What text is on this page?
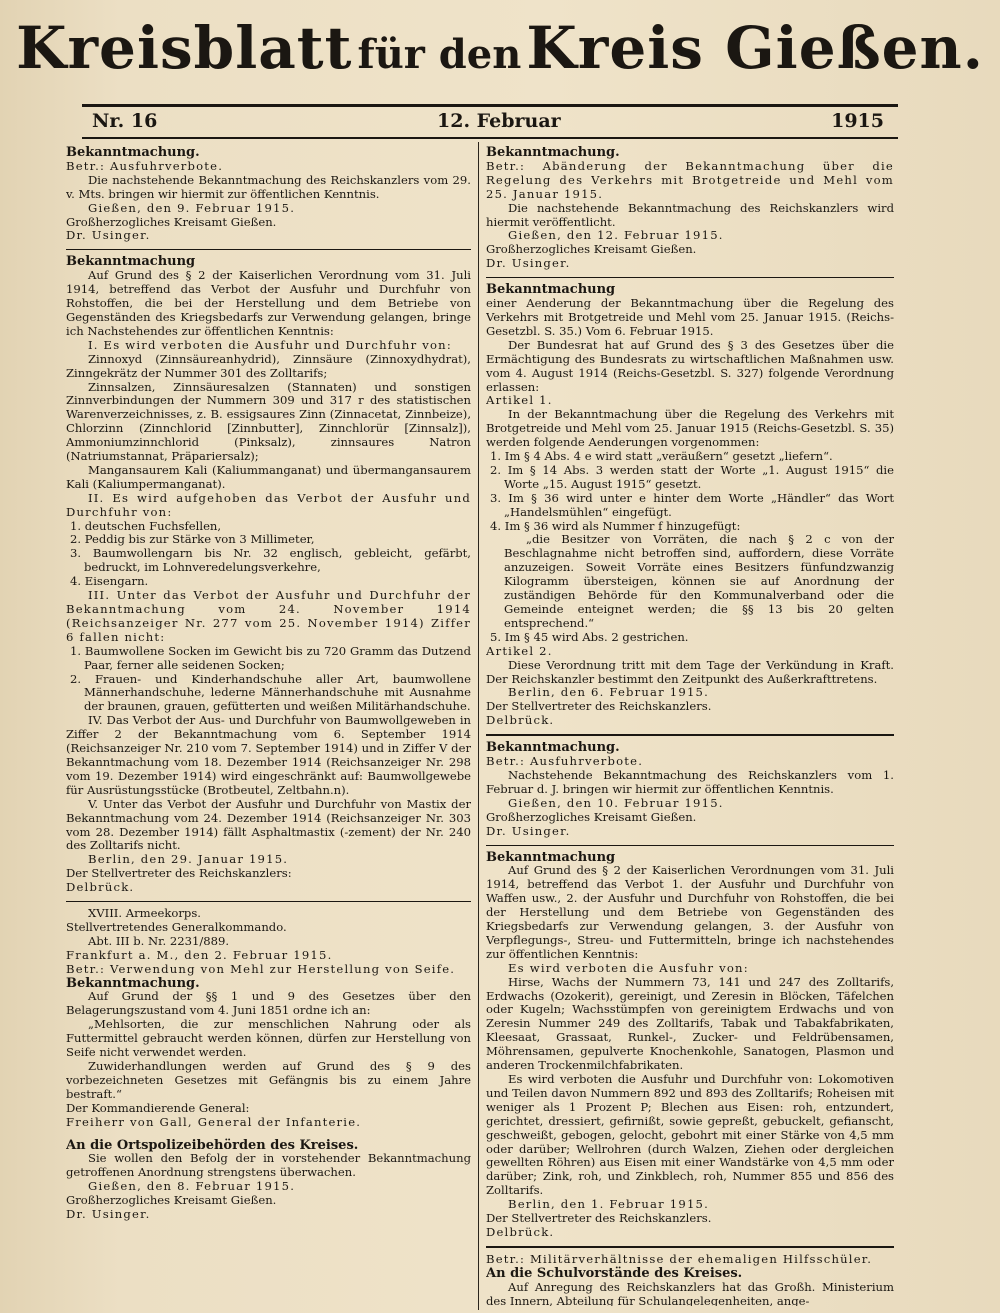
Kreisblatt für den Kreis Gießen.
Nr. 16	12. Februar	1915

Bekanntmachung.

Betr.: Ausfuhrverbote.

Die nachstehende Bekanntmachung des Reichskanzlers vom 29. v. Mts. bringen wir hiermit zur öffentlichen Kenntnis.

Gießen, den 9. Februar 1915.

Großherzogliches Kreisamt Gießen.

Dr. Usinger.

Bekanntmachung

Auf Grund des § 2 der Kaiserlichen Verordnung vom 31. Juli 1914, betreffend das Verbot der Ausfuhr und Durchfuhr von Rohstoffen, die bei der Herstellung und dem Betriebe von Gegenständen des Kriegsbedarfs zur Verwendung gelangen, bringe ich Nachstehendes zur öffentlichen Kenntnis:

I. Es wird verboten die Ausfuhr und Durchfuhr von:

Zinnoxyd (Zinnsäureanhydrid), Zinnsäure (Zinnoxydhydrat), Zinngekrätz der Nummer 301 des Zolltarifs;

Zinnsalzen, Zinnsäuresalzen (Stannaten) und sonstigen Zinnverbindungen der Nummern 309 und 317 r des statistischen Warenverzeichnisses, z. B. essigsaures Zinn (Zinnacetat, Zinnbeize), Chlorzinn (Zinnchlorid [Zinnbutter], Zinnchlorür [Zinnsalz]), Ammoniumzinnchlorid (Pinksalz), zinnsaures Natron (Natriumstannat, Präpariersalz);

Mangansaurem Kali (Kaliummanganat) und übermangansaurem Kali (Kaliumpermanganat).

II. Es wird aufgehoben das Verbot der Ausfuhr und Durchfuhr von:

1. deutschen Fuchsfellen,

2. Peddig bis zur Stärke von 3 Millimeter,

3. Baumwollengarn bis Nr. 32 englisch, gebleicht, gefärbt, bedruckt, im Lohnveredelungsverkehre,

4. Eisengarn.

III. Unter das Verbot der Ausfuhr und Durchfuhr der Bekanntmachung vom 24. November 1914 (Reichsanzeiger Nr. 277 vom 25. November 1914) Ziffer 6 fallen nicht:

1. Baumwollene Socken im Gewicht bis zu 720 Gramm das Dutzend Paar, ferner alle seidenen Socken;

2. Frauen- und Kinderhandschuhe aller Art, baumwollene Männerhandschuhe, lederne Männerhandschuhe mit Ausnahme der braunen, grauen, gefütterten und weißen Militärhandschuhe.

IV. Das Verbot der Aus- und Durchfuhr von Baumwollgeweben in Ziffer 2 der Bekanntmachung vom 6. September 1914 (Reichsanzeiger Nr. 210 vom 7. September 1914) und in Ziffer V der Bekanntmachung vom 18. Dezember 1914 (Reichsanzeiger Nr. 298 vom 19. Dezember 1914) wird eingeschränkt auf: Baumwollgewebe für Ausrüstungsstücke (Brotbeutel, Zeltbahn.n).

V. Unter das Verbot der Ausfuhr und Durchfuhr von Mastix der Bekanntmachung vom 24. Dezember 1914 (Reichsanzeiger Nr. 303 vom 28. Dezember 1914) fällt Asphaltmastix (-zement) der Nr. 240 des Zolltarifs nicht.

Berlin, den 29. Januar 1915.

Der Stellvertreter des Reichskanzlers:

Delbrück.

XVIII. Armeekorps.

Stellvertretendes Generalkommando.

Abt. III b. Nr. 2231/889.

Frankfurt a. M., den 2. Februar 1915.

Betr.: Verwendung von Mehl zur Herstellung von Seife.

Bekanntmachung.

Auf Grund der §§ 1 und 9 des Gesetzes über den Belagerungszustand vom 4. Juni 1851 ordne ich an:

„Mehlsorten, die zur menschlichen Nahrung oder als Futtermittel gebraucht werden können, dürfen zur Herstellung von Seife nicht verwendet werden.

Zuwiderhandlungen werden auf Grund des § 9 des vorbezeichneten Gesetzes mit Gefängnis bis zu einem Jahre bestraft.“

Der Kommandierende General:

Freiherr von Gall, General der Infanterie.

An die Ortspolizeibehörden des Kreises.

Sie wollen den Befolg der in vorstehender Bekanntmachung getroffenen Anordnung strengstens überwachen.

Gießen, den 8. Februar 1915.

Großherzogliches Kreisamt Gießen.

Dr. Usinger.

Bekanntmachung.

Betr.: Abänderung der Bekanntmachung über die Regelung des Verkehrs mit Brotgetreide und Mehl vom 25. Januar 1915.

Die nachstehende Bekanntmachung des Reichskanzlers wird hiermit veröffentlicht.

Gießen, den 12. Februar 1915.

Großherzogliches Kreisamt Gießen.

Dr. Usinger.

Bekanntmachung

einer Aenderung der Bekanntmachung über die Regelung des Verkehrs mit Brotgetreide und Mehl vom 25. Januar 1915. (Reichs-Gesetzbl. S. 35.) Vom 6. Februar 1915.

Der Bundesrat hat auf Grund des § 3 des Gesetzes über die Ermächtigung des Bundesrats zu wirtschaftlichen Maßnahmen usw. vom 4. August 1914 (Reichs-Gesetzbl. S. 327) folgende Verordnung erlassen:

Artikel 1.

In der Bekanntmachung über die Regelung des Verkehrs mit Brotgetreide und Mehl vom 25. Januar 1915 (Reichs-Gesetzbl. S. 35) werden folgende Aenderungen vorgenommen:

1. Im § 4 Abs. 4 e wird statt „veräußern“ gesetzt „liefern“.

2. Im § 14 Abs. 3 werden statt der Worte „1. August 1915“ die Worte „15. August 1915“ gesetzt.

3. Im § 36 wird unter e hinter dem Worte „Händler“ das Wort „Handelsmühlen“ eingefügt.

4. Im § 36 wird als Nummer f hinzugefügt:

„die Besitzer von Vorräten, die nach § 2 c von der Beschlagnahme nicht betroffen sind, auffordern, diese Vorräte anzuzeigen. Soweit Vorräte eines Besitzers fünfundzwanzig Kilogramm übersteigen, können sie auf Anordnung der zuständigen Behörde für den Kommunalverband oder die Gemeinde enteignet werden; die §§ 13 bis 20 gelten entsprechend.“

5. Im § 45 wird Abs. 2 gestrichen.

Artikel 2.

Diese Verordnung tritt mit dem Tage der Verkündung in Kraft. Der Reichskanzler bestimmt den Zeitpunkt des Außerkrafttretens.

Berlin, den 6. Februar 1915.

Der Stellvertreter des Reichskanzlers.

Delbrück.

Bekanntmachung.

Betr.: Ausfuhrverbote.

Nachstehende Bekanntmachung des Reichskanzlers vom 1. Februar d. J. bringen wir hiermit zur öffentlichen Kenntnis.

Gießen, den 10. Februar 1915.

Großherzogliches Kreisamt Gießen.

Dr. Usinger.

Bekanntmachung

Auf Grund des § 2 der Kaiserlichen Verordnungen vom 31. Juli 1914, betreffend das Verbot 1. der Ausfuhr und Durchfuhr von Waffen usw., 2. der Ausfuhr und Durchfuhr von Rohstoffen, die bei der Herstellung und dem Betriebe von Gegenständen des Kriegsbedarfs zur Verwendung gelangen, 3. der Ausfuhr von Verpflegungs-, Streu- und Futtermitteln, bringe ich nachstehendes zur öffentlichen Kenntnis:

Es wird verboten die Ausfuhr von:

Hirse, Wachs der Nummern 73, 141 und 247 des Zolltarifs, Erdwachs (Ozokerit), gereinigt, und Zeresin in Blöcken, Täfelchen oder Kugeln; Wachsstümpfen von gereinigtem Erdwachs und von Zeresin Nummer 249 des Zolltarifs, Tabak und Tabakfabrikaten, Kleesaat, Grassaat, Runkel-, Zucker- und Feldrübensamen, Möhrensamen, gepulverte Knochenkohle, Sanatogen, Plasmon und anderen Trockenmilchfabrikaten.

Es wird verboten die Ausfuhr und Durchfuhr von: Lokomotiven und Teilen davon Nummern 892 und 893 des Zolltarifs; Roheisen mit weniger als 1 Prozent P; Blechen aus Eisen: roh, entzundert, gerichtet, dressiert, gefirnißt, sowie gepreßt, gebuckelt, gefianscht, geschweißt, gebogen, gelocht, gebohrt mit einer Stärke von 4,5 mm oder darüber; Wellrohren (durch Walzen, Ziehen oder dergleichen gewellten Röhren) aus Eisen mit einer Wandstärke von 4,5 mm oder darüber; Zink, roh, und Zinkblech, roh, Nummer 855 und 856 des Zolltarifs.

Berlin, den 1. Februar 1915.

Der Stellvertreter des Reichskanzlers.

Delbrück.

Betr.: Militärverhältnisse der ehemaligen Hilfsschüler.

An die Schulvorstände des Kreises.

Auf Anregung des Reichskanzlers hat das Großh. Ministerium des Innern, Abteilung für Schulangelegenheiten, ange-
